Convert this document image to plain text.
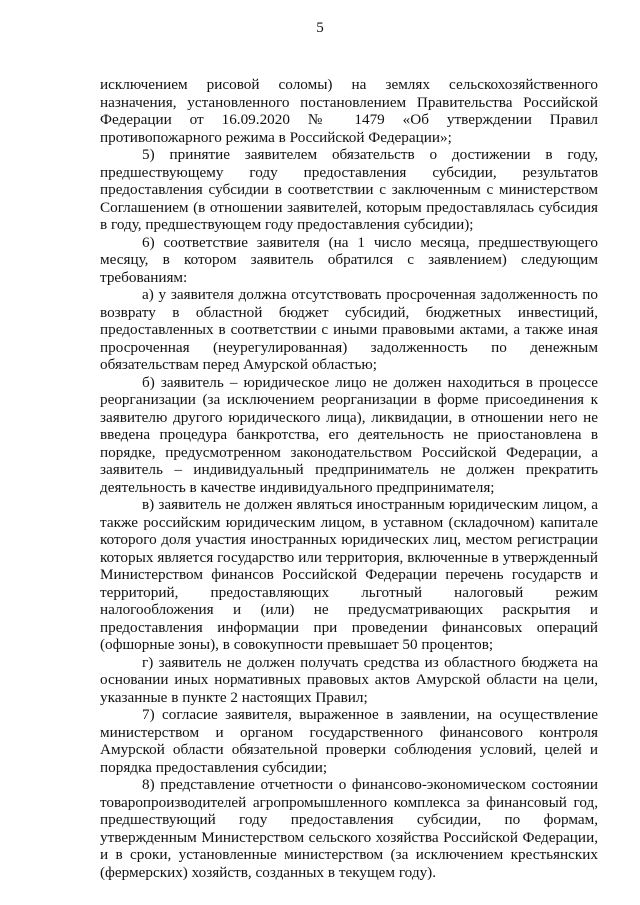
5

исключением рисовой соломы) на землях сельскохозяйственного назначения, установленного постановлением Правительства Российской Федерации от 16.09.2020 № 1479 «Об утверждении Правил противопожарного режима в Российской Федерации»;

5) принятие заявителем обязательств о достижении в году, предшествующему году предоставления субсидии, результатов предоставления субсидии в соответствии с заключенным с министерством Соглашением (в отношении заявителей, которым предоставлялась субсидия в году, предшествующем году предоставления субсидии);

6) соответствие заявителя (на 1 число месяца, предшествующего месяцу, в котором заявитель обратился с заявлением) следующим требованиям:

а) у заявителя должна отсутствовать просроченная задолженность по возврату в областной бюджет субсидий, бюджетных инвестиций, предоставленных в соответствии с иными правовыми актами, а также иная просроченная (неурегулированная) задолженность по денежным обязательствам перед Амурской областью;

б) заявитель – юридическое лицо не должен находиться в процессе реорганизации (за исключением реорганизации в форме присоединения к заявителю другого юридического лица), ликвидации, в отношении него не введена процедура банкротства, его деятельность не приостановлена в порядке, предусмотренном законодательством Российской Федерации, а заявитель – индивидуальный предприниматель не должен прекратить деятельность в качестве индивидуального предпринимателя;

в) заявитель не должен являться иностранным юридическим лицом, а также российским юридическим лицом, в уставном (складочном) капитале которого доля участия иностранных юридических лиц, местом регистрации которых является государство или территория, включенные в утвержденный Министерством финансов Российской Федерации перечень государств и территорий, предоставляющих льготный налоговый режим налогообложения и (или) не предусматривающих раскрытия и предоставления информации при проведении финансовых операций (офшорные зоны), в совокупности превышает 50 процентов;

г) заявитель не должен получать средства из областного бюджета на основании иных нормативных правовых актов Амурской области на цели, указанные в пункте 2 настоящих Правил;

7) согласие заявителя, выраженное в заявлении, на осуществление министерством и органом государственного финансового контроля Амурской области обязательной проверки соблюдения условий, целей и порядка предоставления субсидии;

8) представление отчетности о финансово-экономическом состоянии товаропроизводителей агропромышленного комплекса за финансовый год, предшествующий году предоставления субсидии, по формам, утвержденным Министерством сельского хозяйства Российской Федерации, и в сроки, установленные министерством (за исключением крестьянских (фермерских) хозяйств, созданных в текущем году).
